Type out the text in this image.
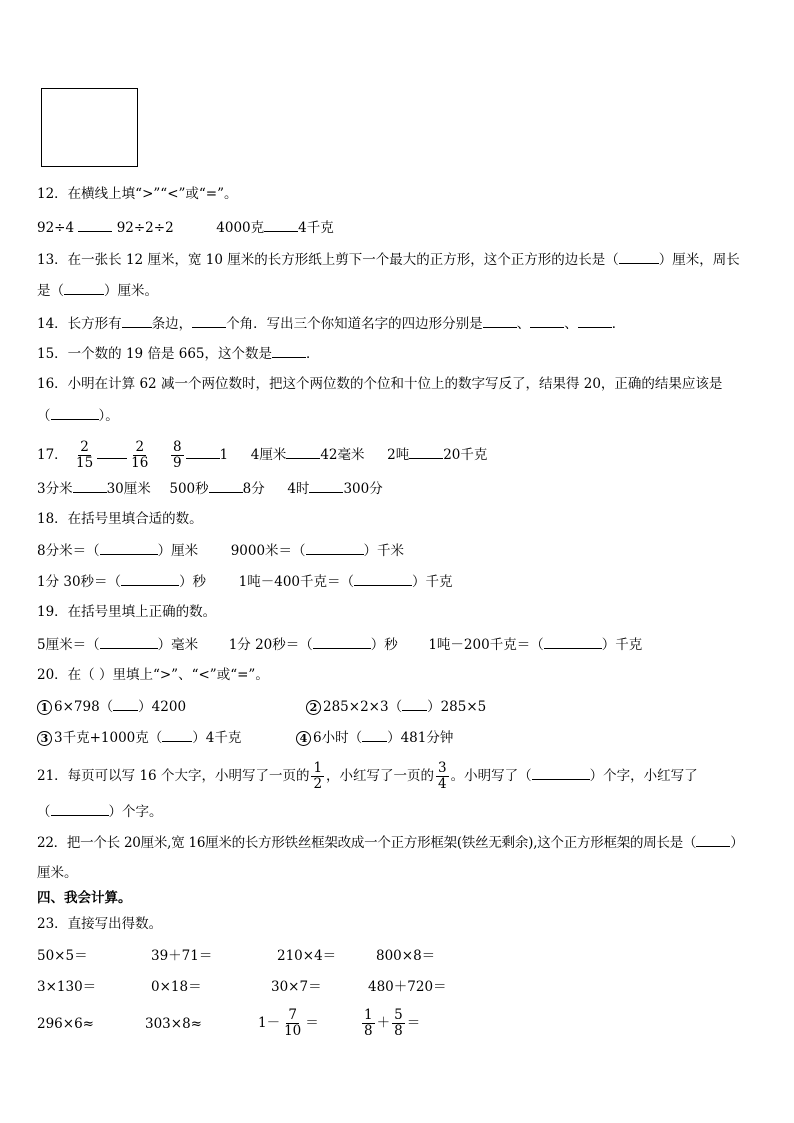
12．在横线上填“>”“<”或“=”。
92÷4	92÷2÷2	4000克	4千克
13．在一张长 12 厘米，宽 10 厘米的长方形纸上剪下一个最大的正方形，这个正方形的边长是（	）厘米，周长
是（	）厘米。
14．长方形有 条边，	个角．写出三个你知道名字的四边形分别是	、	、	．
15．一个数的 19 倍是 665，这个数是	．
16．小明在计算 62 减一个两位数时，把这个两位数的个位和十位上的数字写反了，结果得 20，正确的结果应该是
（	）。
17． $\frac{2}{15}$	$\frac{2}{16}$
$\frac{8}{9}$	1 4厘米	42毫米 2吨	20千克
3分米	30厘米 500秒	8分 4时	300分
18．在括号里填合适的数。
8分米＝（	）厘米 9000米＝（	）千米
1分 30秒＝（	）秒 1吨－400千克＝（	）千克
19．在括号里填上正确的数。
5厘米＝（	）毫米 1分 20秒＝（	）秒 1吨－200千克＝（	）千克
20．在（ ）里填上“>”、“<”或“=”。
1 6×798（ ）4200	2 285×2×3（ ）285×5
3 3千克+1000克（ ）4千克	4 6小时（ ）481分钟
21．每页可以写 16 个大字，小明写了一页的 $\frac{1}{2}$ ，小红写了一页的 $\frac{3}{4}$ 。小明写了（	）个字，小红写了
（	）个字。
22．把一个长 20厘米,宽 16厘米的长方形铁丝框架改成一个正方形框架(铁丝无剩余),这个正方形框架的周长是（	）
厘米。
四、我会计算。
23．直接写出得数。
50×5＝	39＋71＝	210×4＝	800×8＝
3×130＝	0×18＝	30×7＝	480＋720＝
296×6≈	303×8≈	$1- \frac{7}{10}$ ＝	$\frac{1}{8} + \frac{5}{8}$ ＝
